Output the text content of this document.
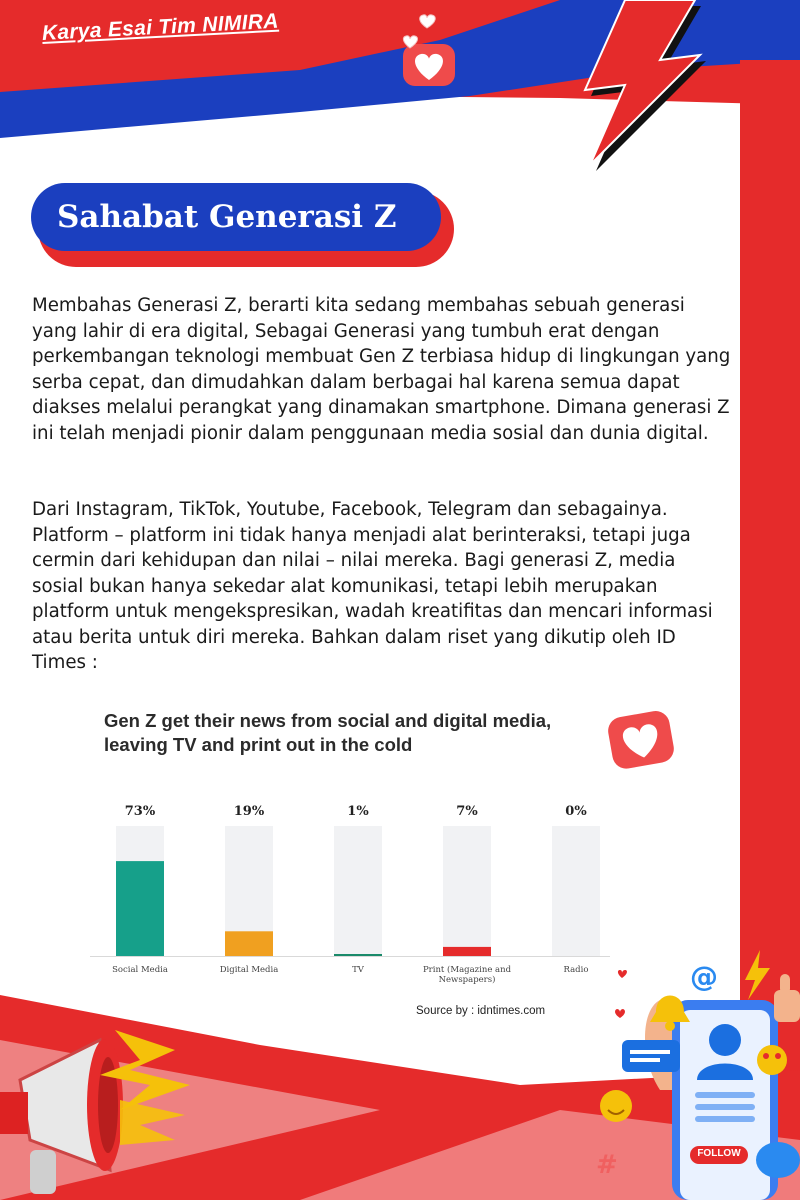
Karya Esai Tim NIMIRA
Sahabat Generasi Z

Membahas Generasi Z, berarti kita sedang membahas sebuah generasi yang lahir di era digital, Sebagai Generasi yang tumbuh erat dengan perkembangan teknologi membuat Gen Z terbiasa hidup di lingkungan yang serba cepat, dan dimudahkan dalam berbagai hal karena semua dapat diakses melalui perangkat yang dinamakan smartphone. Dimana generasi Z ini telah menjadi pionir dalam penggunaan media sosial dan dunia digital.

Dari Instagram, TikTok, Youtube, Facebook, Telegram dan sebagainya. Platform – platform ini tidak hanya menjadi alat berinteraksi, tetapi juga cermin dari kehidupan dan nilai – nilai mereka. Bagi generasi Z, media sosial bukan hanya sekedar alat komunikasi, tetapi lebih merupakan platform untuk mengekspresikan, wadah kreatifitas dan mencari informasi atau berita untuk diri mereka. Bahkan dalam riset yang dikutip oleh ID Times :

Gen Z get their news from social and digital media, leaving TV and print out in the cold
73%
Social Media
19%
Digital Media
1%
TV
7%
Print (Magazine and Newspapers)
0%
Radio
Source by : idntimes.com
@
#	FOLLOW
